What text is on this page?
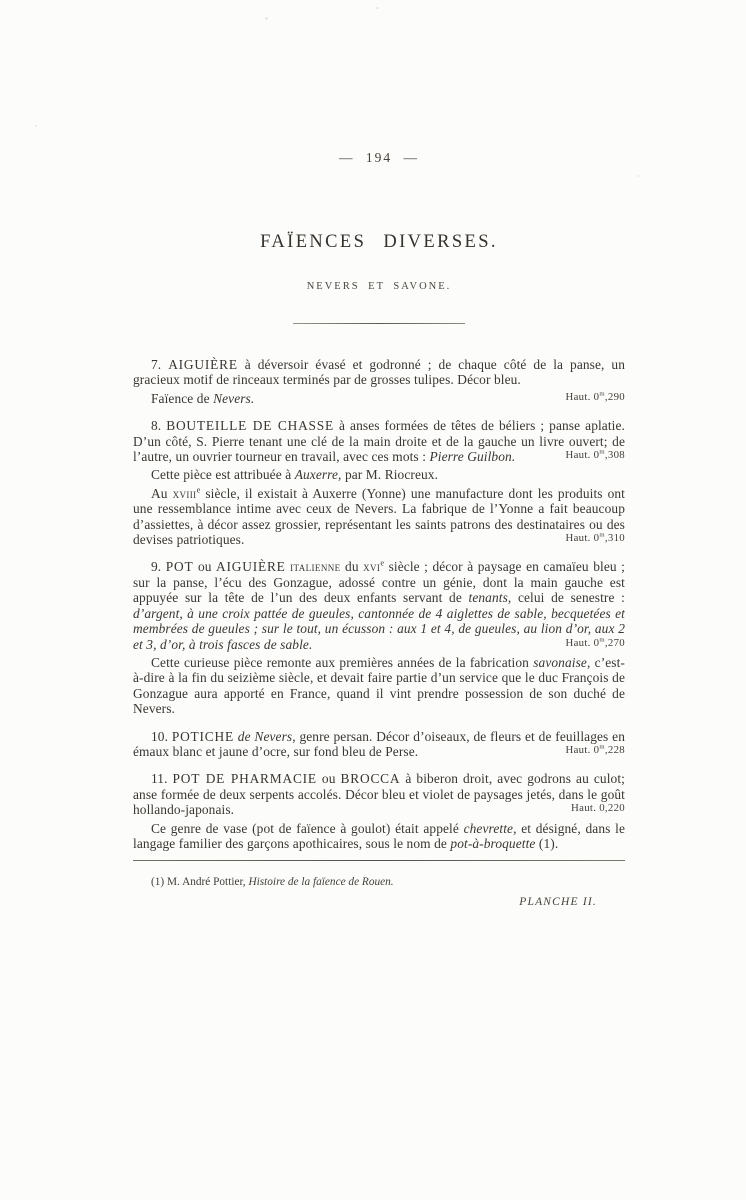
— 194 —
FAÏENCES DIVERSES.
NEVERS ET SAVONE.

7. AIGUIÈRE à déversoir évasé et godronné ; de chaque côté de la panse, un gracieux motif de rinceaux terminés par de grosses tulipes. Décor bleu.

Faïence de Nevers.	Haut. 0$^m$,290

8. BOUTEILLE DE CHASSE à anses formées de têtes de béliers ; panse aplatie. D’un côté, S. Pierre tenant une clé de la main droite et de la gauche un livre ouvert; de l’autre, un ouvrier tourneur en travail, avec ces mots : Pierre Guilbon.	Haut. 0$^m$,308

Cette pièce est attribuée à Auxerre, par M. Riocreux.

Au xviii$^e$ siècle, il existait à Auxerre (Yonne) une manufacture dont les produits ont une ressemblance intime avec ceux de Nevers. La fabrique de l’Yonne a fait beaucoup d’assiettes, à décor assez grossier, représentant les saints patrons des destinataires ou des devises patriotiques.	Haut. 0$^m$,310

9. POT ou AIGUIÈRE italienne du xvi$^e$ siècle ; décor à paysage en camaïeu bleu ; sur la panse, l’écu des Gonzague, adossé contre un génie, dont la main gauche est appuyée sur la tête de l’un des deux enfants servant de tenants, celui de senestre : d’argent, à une croix pattée de gueules, cantonnée de 4 aiglettes de sable, becquetées et membrées de gueules ; sur le tout, un écusson : aux 1 et 4, de gueules, au lion d’or, aux 2 et 3, d’or, à trois fasces de sable.	Haut. 0$^m$,270

Cette curieuse pièce remonte aux premières années de la fabrication savonaise, c’est-à-dire à la fin du seizième siècle, et devait faire partie d’un service que le duc François de Gonzague aura apporté en France, quand il vint prendre possession de son duché de Nevers.

10. POTICHE de Nevers, genre persan. Décor d’oiseaux, de fleurs et de feuillages en émaux blanc et jaune d’ocre, sur fond bleu de Perse.	Haut. 0$^m$,228

11. POT DE PHARMACIE ou BROCCA à biberon droit, avec godrons au culot; anse formée de deux serpents accolés. Décor bleu et violet de paysages jetés, dans le goût hollando-japonais.	Haut. 0,220

Ce genre de vase (pot de faïence à goulot) était appelé chevrette, et désigné, dans le langage familier des garçons apothicaires, sous le nom de pot-à-broquette (1).

(1) M. André Pottier, Histoire de la faïence de Rouen.
PLANCHE II.
